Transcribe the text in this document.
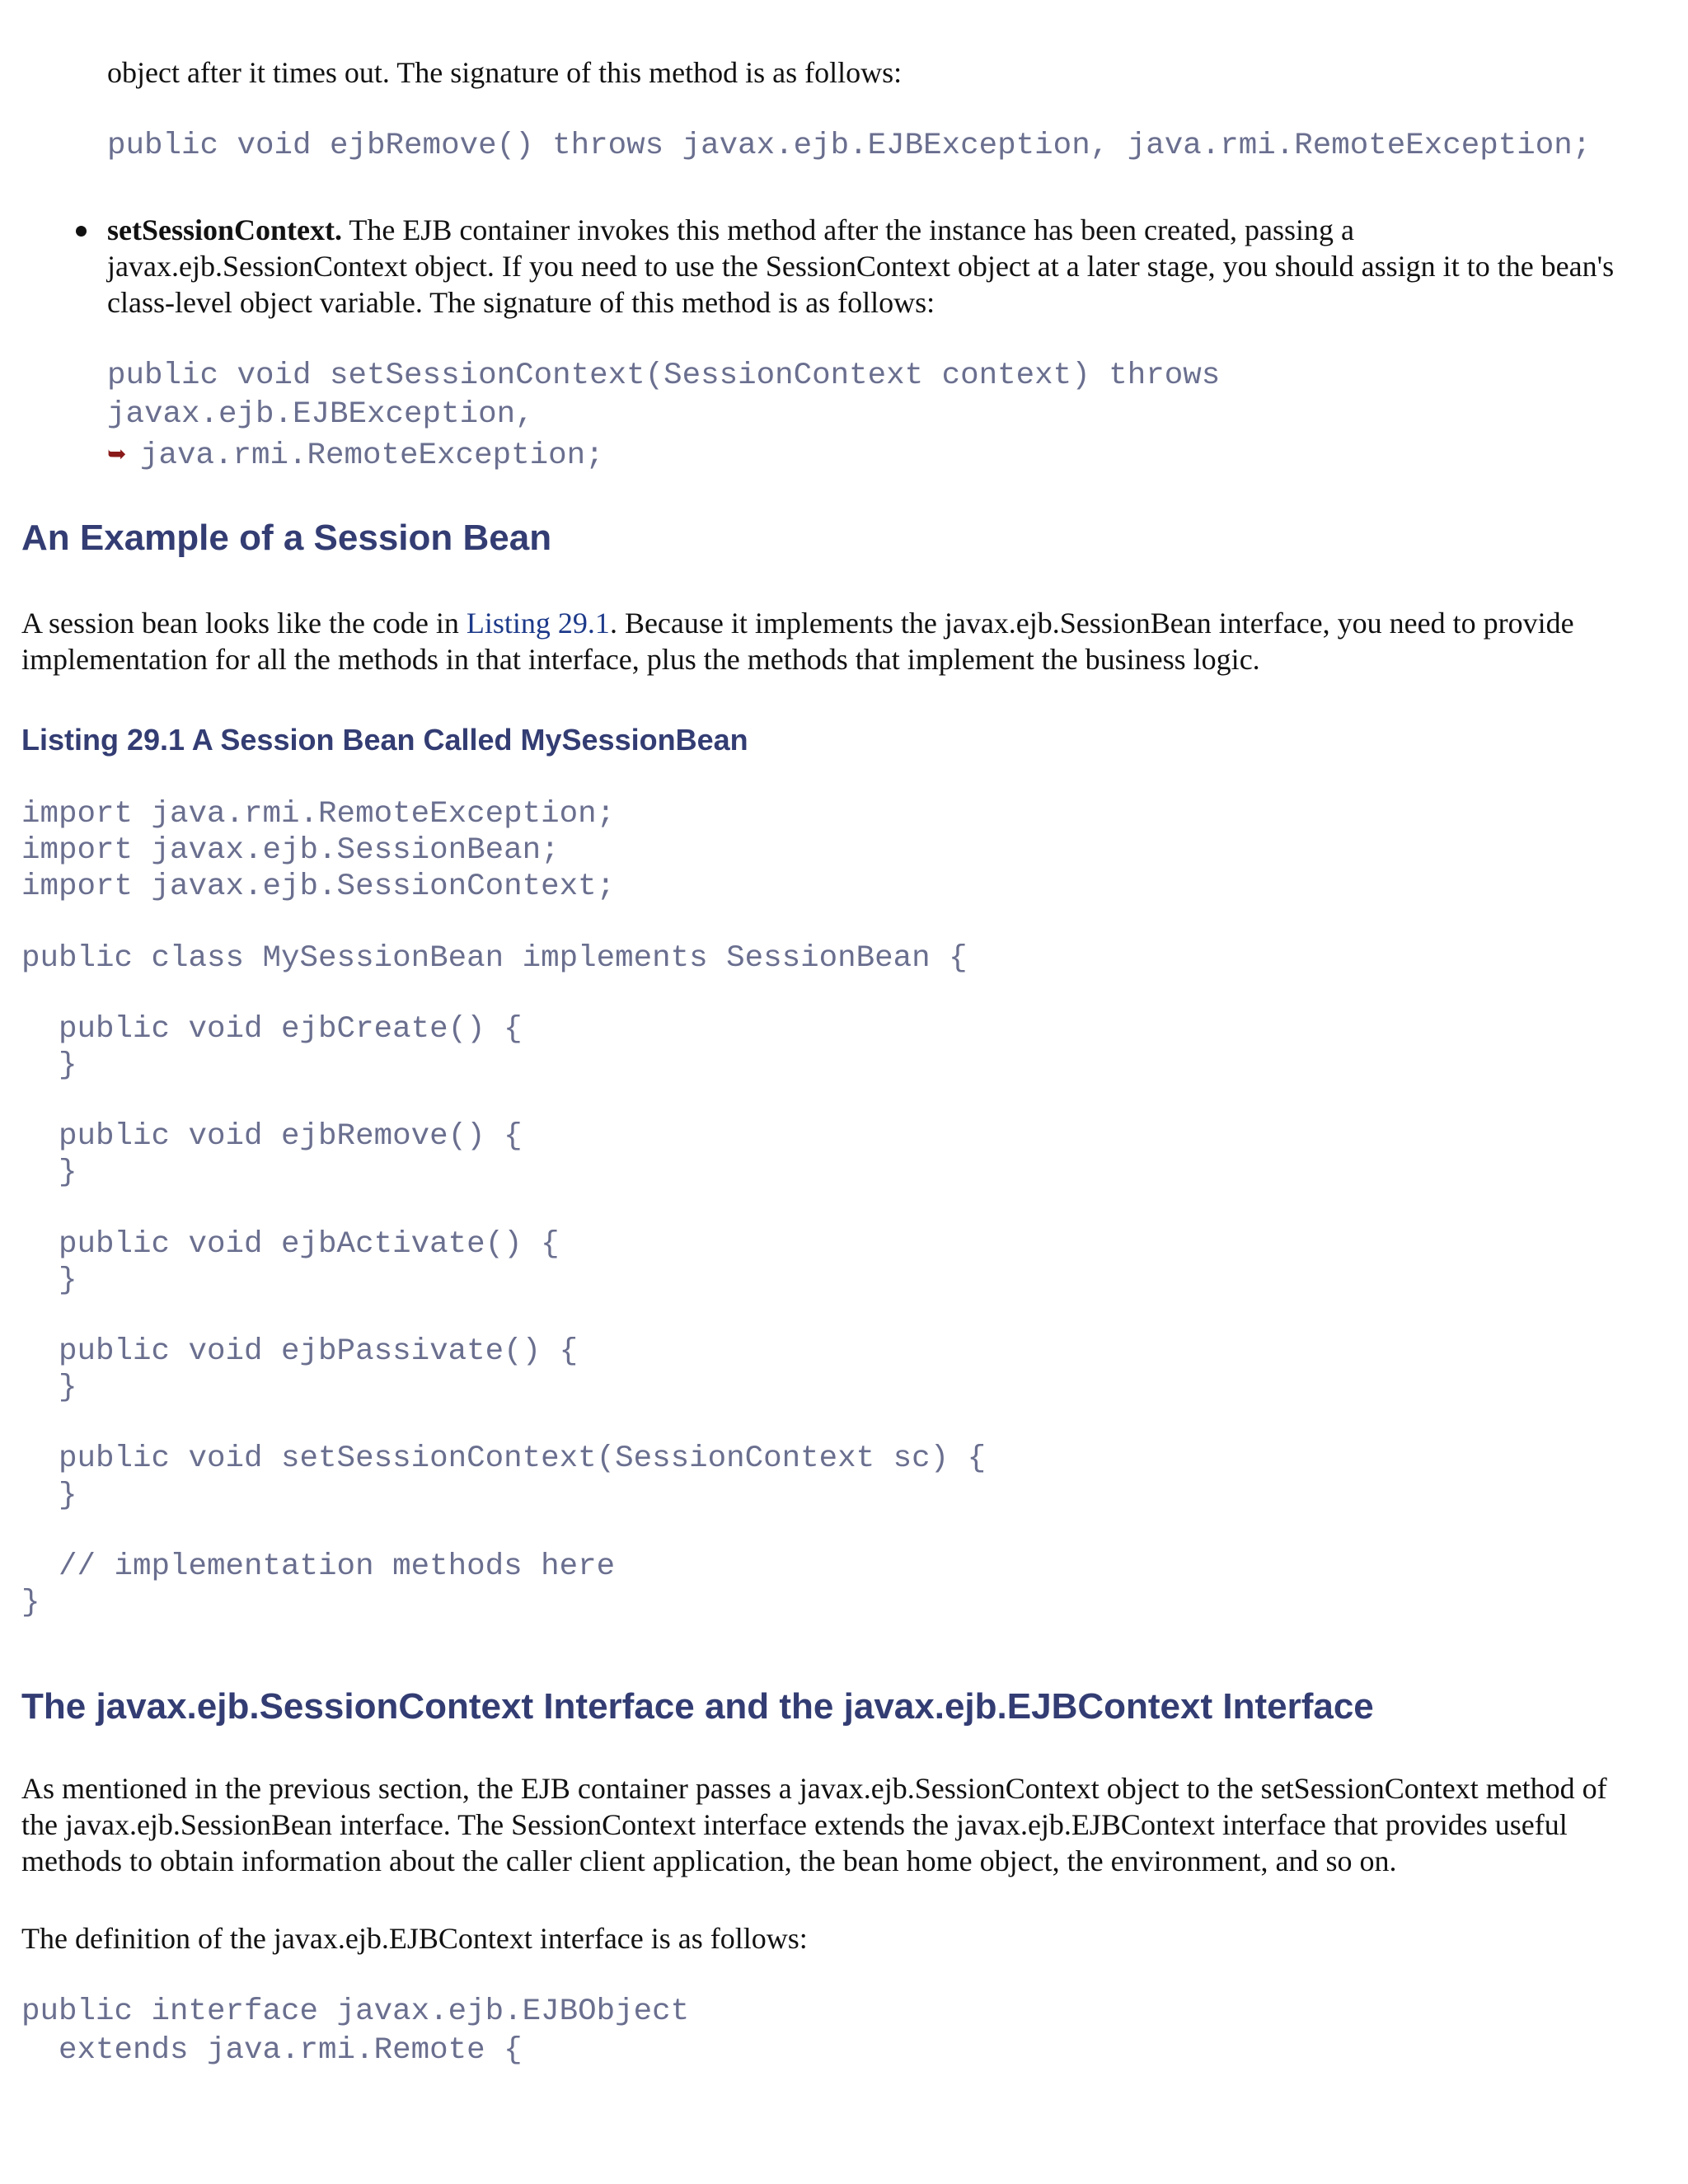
object after it times out. The signature of this method is as follows:
public void ejbRemove() throws javax.ejb.EJBException, java.rmi.RemoteException;
setSessionContext. The EJB container invokes this method after the instance has been created, passing a
javax.ejb.SessionContext object. If you need to use the SessionContext object at a later stage, you should assign it to the bean's
class-level object variable. The signature of this method is as follows:
public void setSessionContext(SessionContext context) throws
javax.ejb.EJBException,
➥ java.rmi.RemoteException;
An Example of a Session Bean
A session bean looks like the code in Listing 29.1. Because it implements the javax.ejb.SessionBean interface, you need to provide
implementation for all the methods in that interface, plus the methods that implement the business logic.
Listing 29.1 A Session Bean Called MySessionBean
import java.rmi.RemoteException;
import javax.ejb.SessionBean;
import javax.ejb.SessionContext;

public class MySessionBean implements SessionBean {

public void ejbCreate() {
}

public void ejbRemove() {
}

public void ejbActivate() {
}

public void ejbPassivate() {
}

public void setSessionContext(SessionContext sc) {
}

// implementation methods here
}
The javax.ejb.SessionContext Interface and the javax.ejb.EJBContext Interface
As mentioned in the previous section, the EJB container passes a javax.ejb.SessionContext object to the setSessionContext method of
the javax.ejb.SessionBean interface. The SessionContext interface extends the javax.ejb.EJBContext interface that provides useful
methods to obtain information about the caller client application, the bean home object, the environment, and so on.
The definition of the javax.ejb.EJBContext interface is as follows:
public interface javax.ejb.EJBObject
extends java.rmi.Remote {
